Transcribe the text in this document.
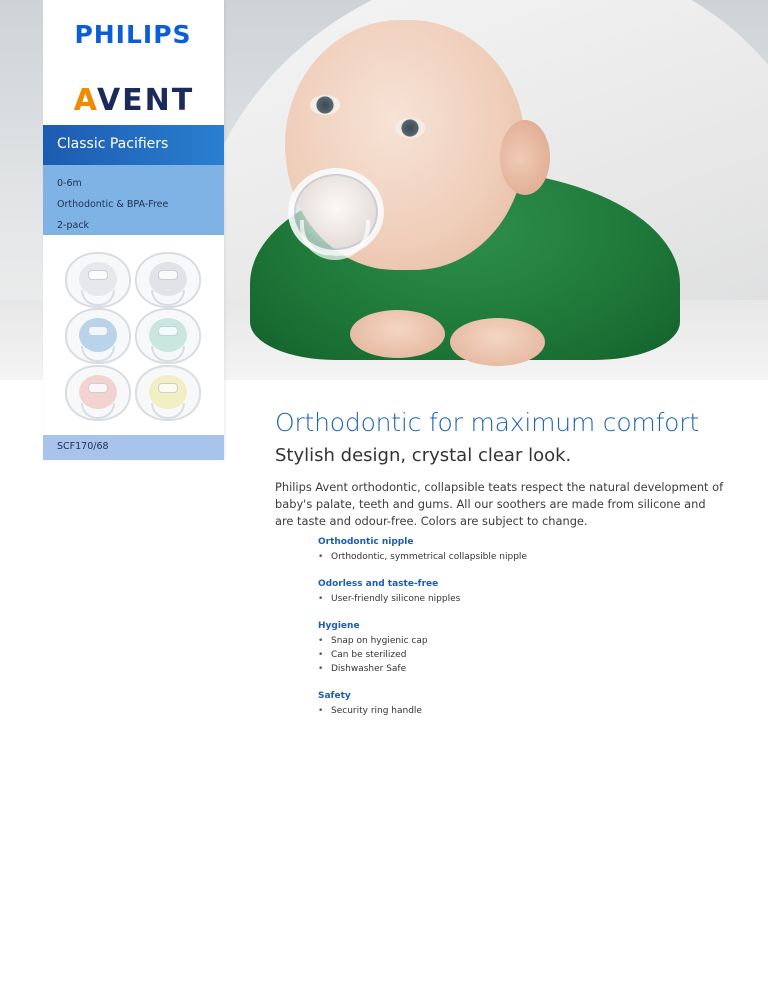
PHILIPS
AVENT
Classic Pacifiers
0-6m
Orthodontic & BPA-Free
2-pack
SCF170/68
Orthodontic for maximum comfort
Stylish design, crystal clear look.
Philips Avent orthodontic, collapsible teats respect the natural development of baby's palate, teeth and gums. All our soothers are made from silicone and are taste and odour-free. Colors are subject to change.
Orthodontic nipple
• Orthodontic, symmetrical collapsible nipple
Odorless and taste-free
• User-friendly silicone nipples
Hygiene
• Snap on hygienic cap
• Can be sterilized
• Dishwasher Safe
Safety
• Security ring handle
